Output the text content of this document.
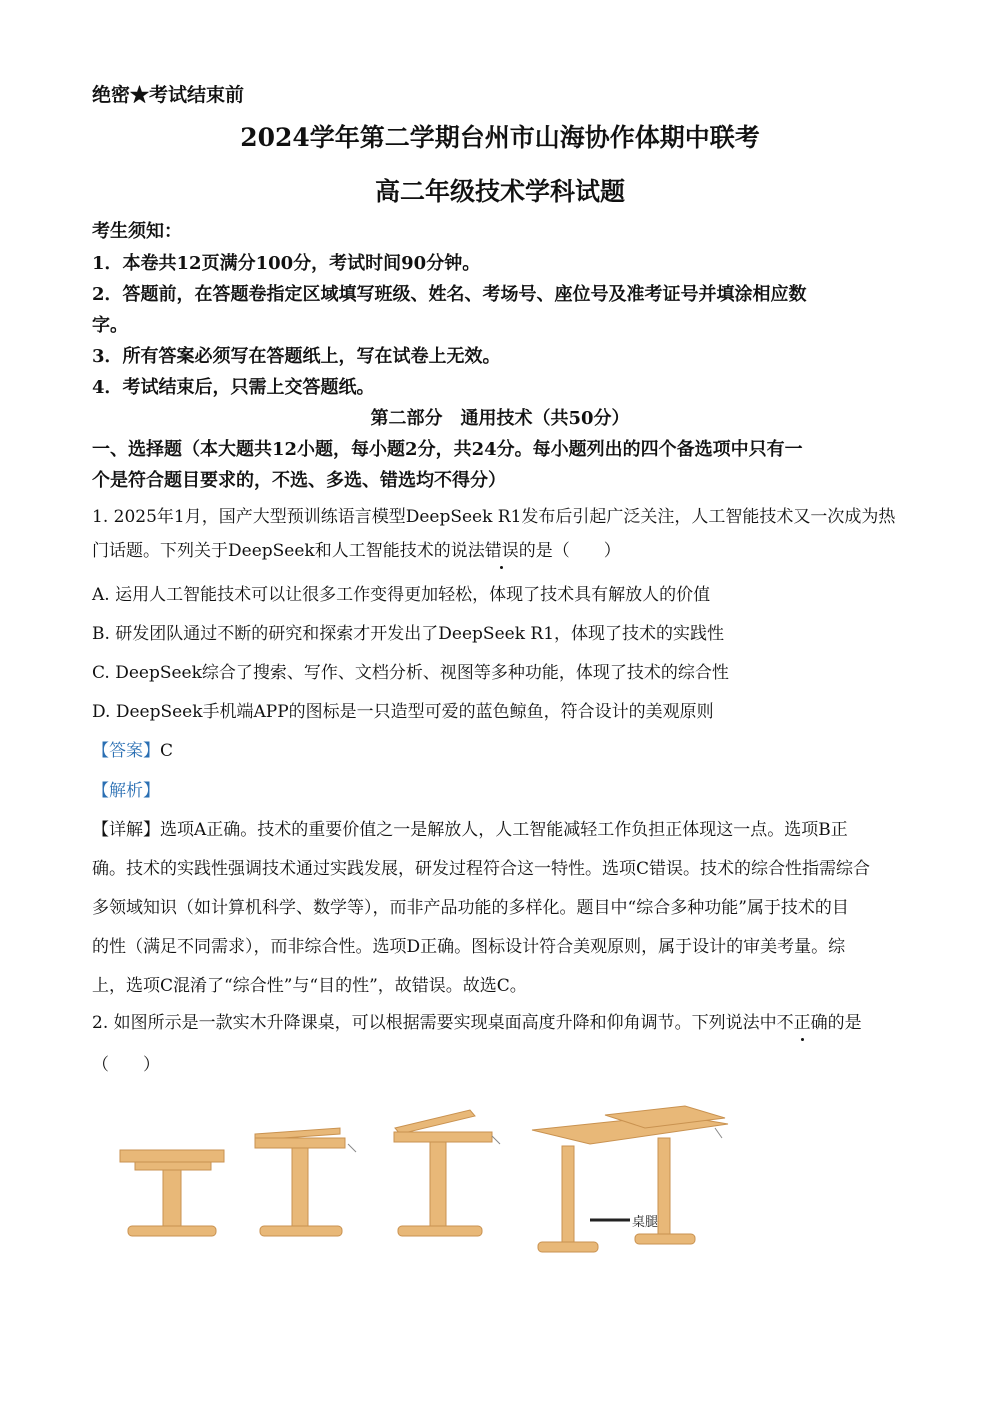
绝密★考试结束前
2024学年第二学期台州市山海协作体期中联考
高二年级技术学科试题
考生须知：
1．本卷共12页满分100分，考试时间90分钟。
2．答题前，在答题卷指定区域填写班级、姓名、考场号、座位号及准考证号并填涂相应数
字。
3．所有答案必须写在答题纸上，写在试卷上无效。
4．考试结束后，只需上交答题纸。
第二部分　通用技术（共50分）
一、选择题（本大题共12小题，每小题2分，共24分。每小题列出的四个备选项中只有一
个是符合题目要求的，不选、多选、错选均不得分）
1. 2025年1月，国产大型预训练语言模型DeepSeek R1发布后引起广泛关注，人工智能技术又一次成为热
门话题。下列关于DeepSeek和人工智能技术的说法错误的是（　　）
A. 运用人工智能技术可以让很多工作变得更加轻松，体现了技术具有解放人的价值
B. 研发团队通过不断的研究和探索才开发出了DeepSeek R1，体现了技术的实践性
C. DeepSeek综合了搜索、写作、文档分析、视图等多种功能，体现了技术的综合性
D. DeepSeek手机端APP的图标是一只造型可爱的蓝色鲸鱼，符合设计的美观原则
【答案】C
【解析】
【详解】选项A正确。技术的重要价值之一是解放人，人工智能减轻工作负担正体现这一点。选项B正
确。技术的实践性强调技术通过实践发展，研发过程符合这一特性。选项C错误。技术的综合性指需综合
多领域知识（如计算机科学、数学等），而非产品功能的多样化。题目中“综合多种功能”属于技术的目
的性（满足不同需求），而非综合性。选项D正确。图标设计符合美观原则，属于设计的审美考量。综
上，选项C混淆了“综合性”与“目的性”，故错误。故选C。
2. 如图所示是一款实木升降课桌，可以根据需要实现桌面高度升降和仰角调节。下列说法中不正确的是
（　　）
桌腿
